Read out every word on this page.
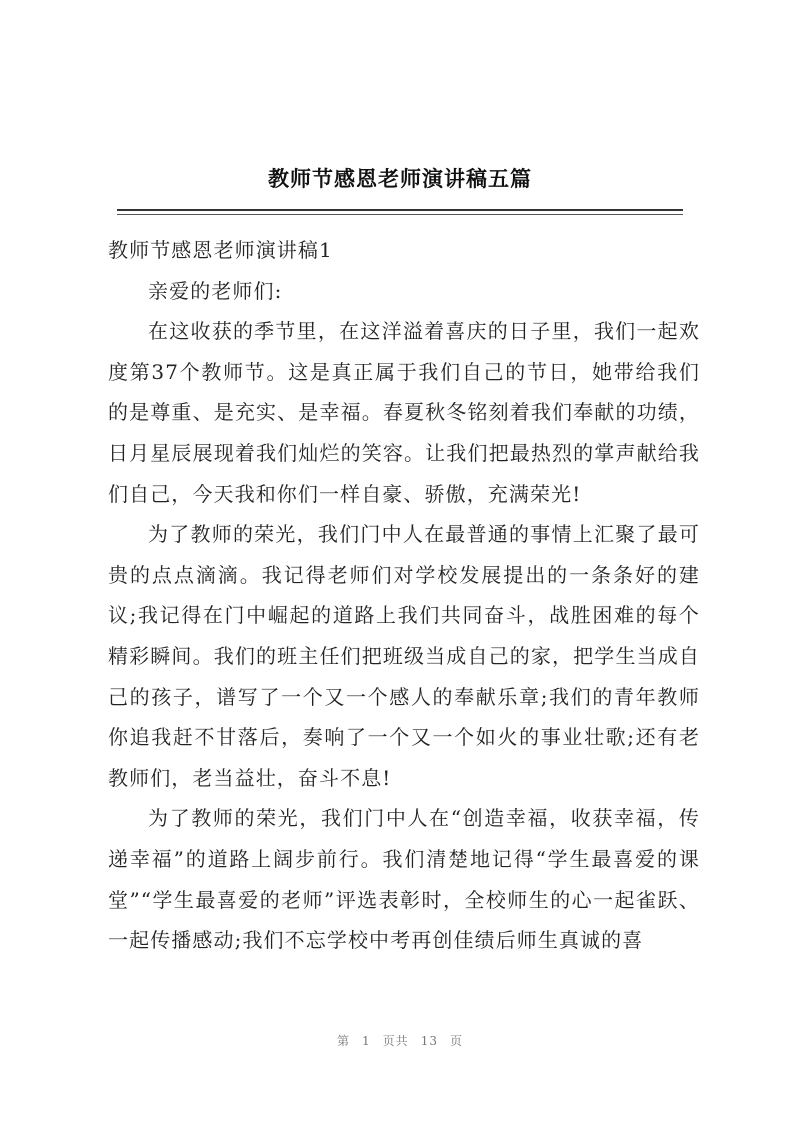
教师节感恩老师演讲稿五篇

教师节感恩老师演讲稿1

亲爱的老师们:

在这收获的季节里，在这洋溢着喜庆的日子里，我们一起欢度第37个教师节。这是真正属于我们自己的节日，她带给我们的是尊重、是充实、是幸福。春夏秋冬铭刻着我们奉献的功绩，日月星辰展现着我们灿烂的笑容。让我们把最热烈的掌声献给我们自己，今天我和你们一样自豪、骄傲，充满荣光!

为了教师的荣光，我们门中人在最普通的事情上汇聚了最可贵的点点滴滴。我记得老师们对学校发展提出的一条条好的建议;我记得在门中崛起的道路上我们共同奋斗，战胜困难的每个精彩瞬间。我们的班主任们把班级当成自己的家，把学生当成自己的孩子，谱写了一个又一个感人的奉献乐章;我们的青年教师你追我赶不甘落后，奏响了一个又一个如火的事业壮歌;还有老教师们，老当益壮，奋斗不息!

为了教师的荣光，我们门中人在“创造幸福，收获幸福，传递幸福”的道路上阔步前行。我们清楚地记得“学生最喜爱的课堂”“学生最喜爱的老师”评选表彰时，全校师生的心一起雀跃、一起传播感动;我们不忘学校中考再创佳绩后师生真诚的喜

第 1 页共 13 页
